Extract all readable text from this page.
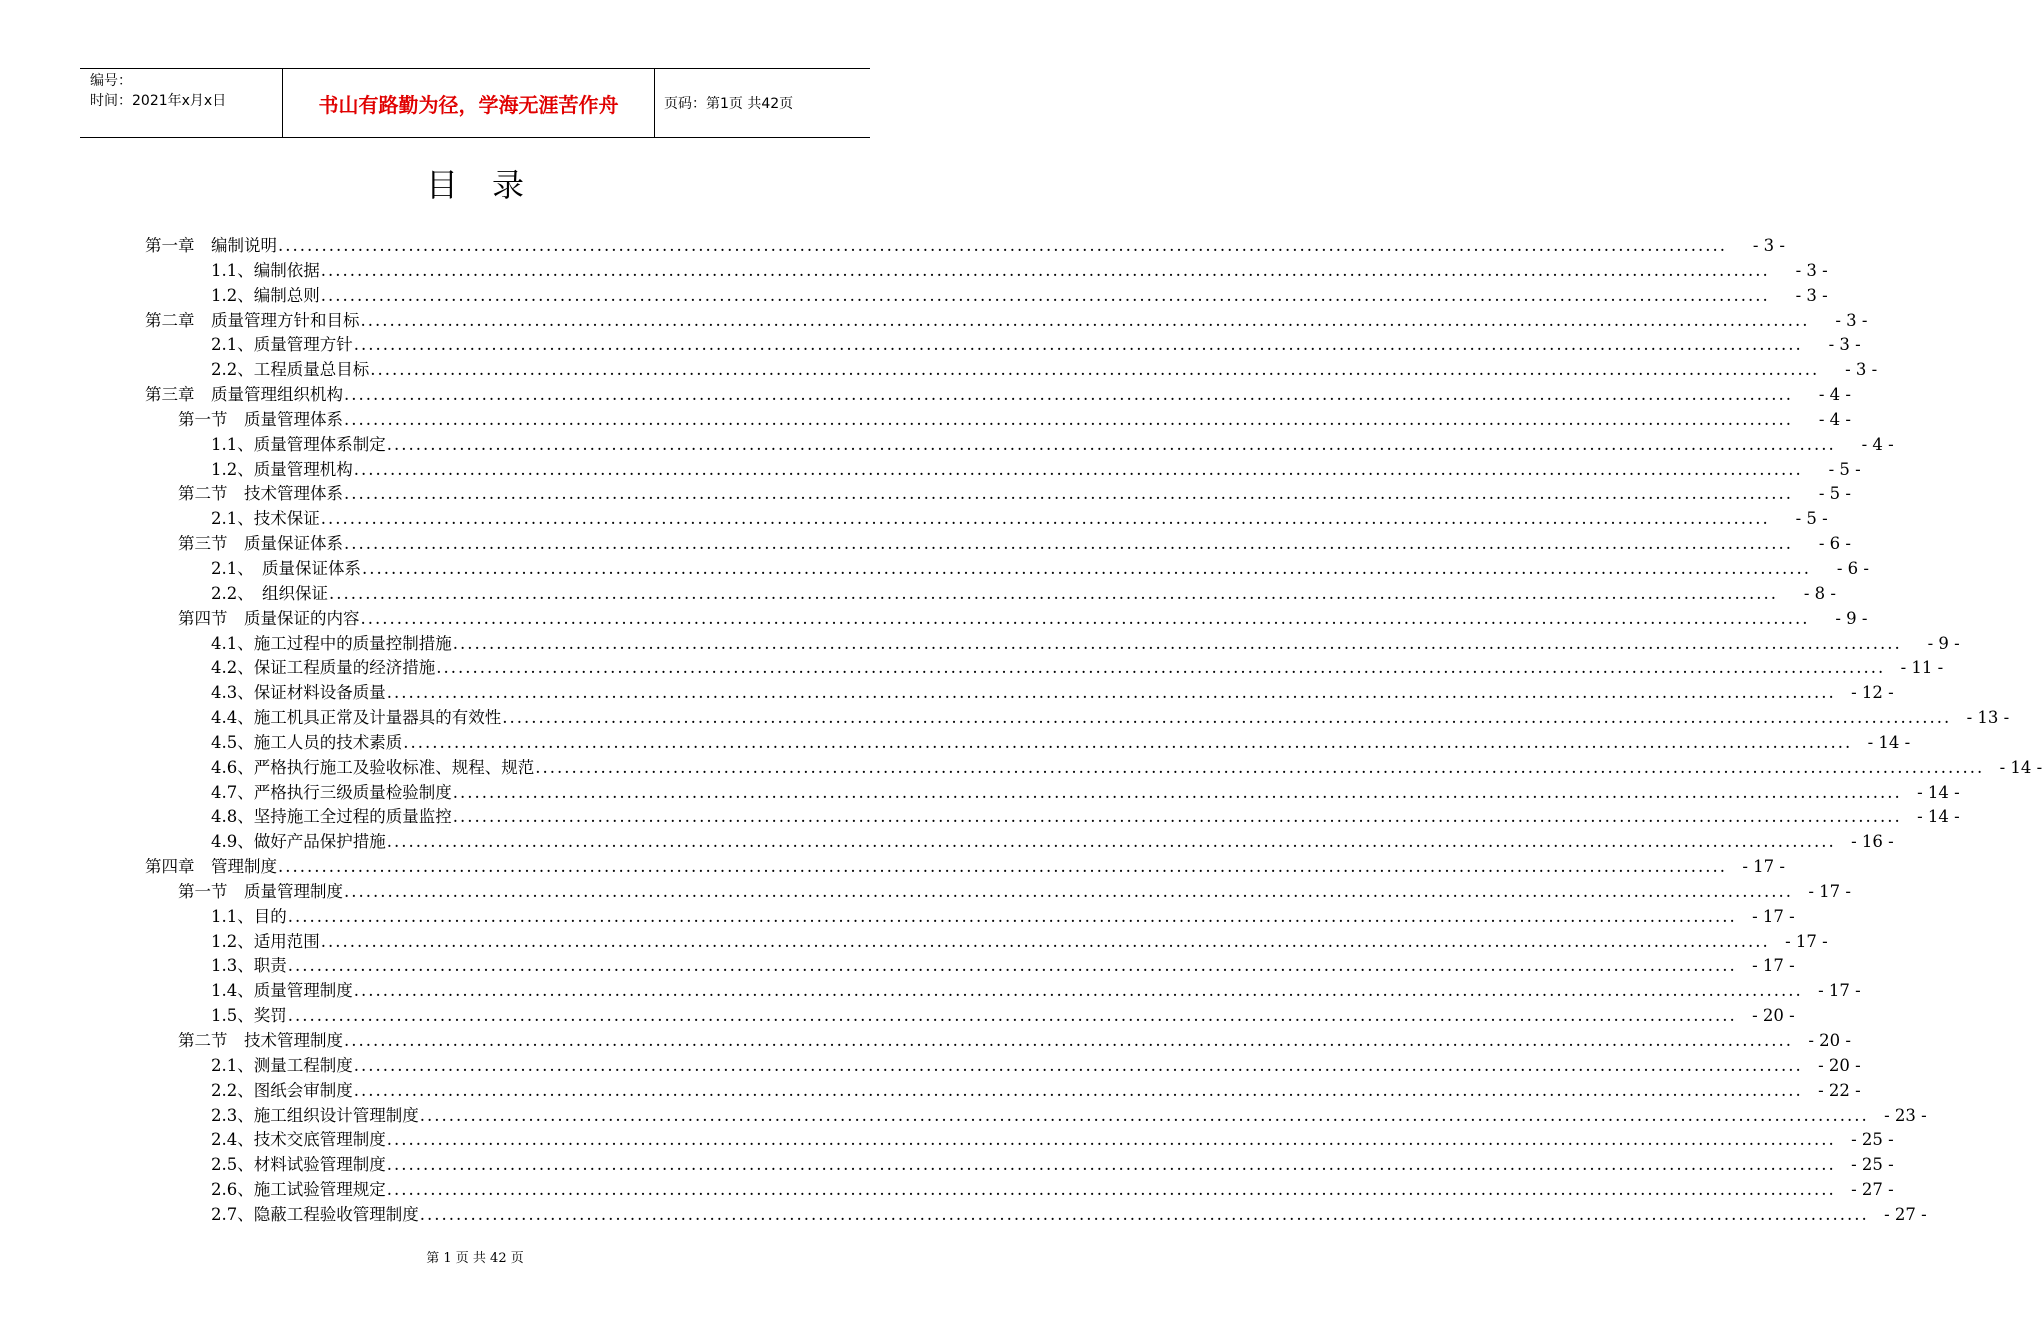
编号：
时间：2021年x月x日	书山有路勤为径，学海无涯苦作舟	页码：第1页 共42页
目录
第一章　编制说明 ........................................................................................................................................................................................................	- 3 -
1.1、编制依据 ........................................................................................................................................................................................................	- 3 -
1.2、编制总则 ........................................................................................................................................................................................................	- 3 -
第二章　质量管理方针和目标 ........................................................................................................................................................................................................	- 3 -
2.1、质量管理方针 ........................................................................................................................................................................................................	- 3 -
2.2、工程质量总目标 ........................................................................................................................................................................................................	- 3 -
第三章　质量管理组织机构 ........................................................................................................................................................................................................	- 4 -
第一节　质量管理体系 ........................................................................................................................................................................................................	- 4 -
1.1、质量管理体系制定 ........................................................................................................................................................................................................	- 4 -
1.2、质量管理机构 ........................................................................................................................................................................................................	- 5 -
第二节　技术管理体系 ........................................................................................................................................................................................................	- 5 -
2.1、技术保证 ........................................................................................................................................................................................................	- 5 -
第三节　质量保证体系 ........................................................................................................................................................................................................	- 6 -
2.1、　质量保证体系 ........................................................................................................................................................................................................	- 6 -
2.2、　组织保证 ........................................................................................................................................................................................................	- 8 -
第四节　质量保证的内容 ........................................................................................................................................................................................................	- 9 -
4.1、施工过程中的质量控制措施 ........................................................................................................................................................................................................	- 9 -
4.2、保证工程质量的经济措施 ........................................................................................................................................................................................................ - 11 -
4.3、保证材料设备质量 ........................................................................................................................................................................................................ - 12 -
4.4、施工机具正常及计量器具的有效性 ........................................................................................................................................................................................................ - 13 -
4.5、施工人员的技术素质 ........................................................................................................................................................................................................ - 14 -
4.6、严格执行施工及验收标准、规程、规范 ........................................................................................................................................................................................................ - 14 -
4.7、严格执行三级质量检验制度 ........................................................................................................................................................................................................ - 14 -
4.8、坚持施工全过程的质量监控 ........................................................................................................................................................................................................ - 14 -
4.9、做好产品保护措施 ........................................................................................................................................................................................................ - 16 -
第四章　管理制度 ........................................................................................................................................................................................................ - 17 -
第一节　质量管理制度 ........................................................................................................................................................................................................ - 17 -
1.1、目的 ........................................................................................................................................................................................................ - 17 -
1.2、适用范围 ........................................................................................................................................................................................................ - 17 -
1.3、职责 ........................................................................................................................................................................................................ - 17 -
1.4、质量管理制度 ........................................................................................................................................................................................................ - 17 -
1.5、奖罚 ........................................................................................................................................................................................................ - 20 -
第二节　技术管理制度 ........................................................................................................................................................................................................ - 20 -
2.1、测量工程制度 ........................................................................................................................................................................................................ - 20 -
2.2、图纸会审制度 ........................................................................................................................................................................................................ - 22 -
2.3、施工组织设计管理制度 ........................................................................................................................................................................................................ - 23 -
2.4、技术交底管理制度 ........................................................................................................................................................................................................ - 25 -
2.5、材料试验管理制度 ........................................................................................................................................................................................................ - 25 -
2.6、施工试验管理规定 ........................................................................................................................................................................................................ - 27 -
2.7、隐蔽工程验收管理制度 ........................................................................................................................................................................................................ - 27 -
第 1 页 共 42 页
